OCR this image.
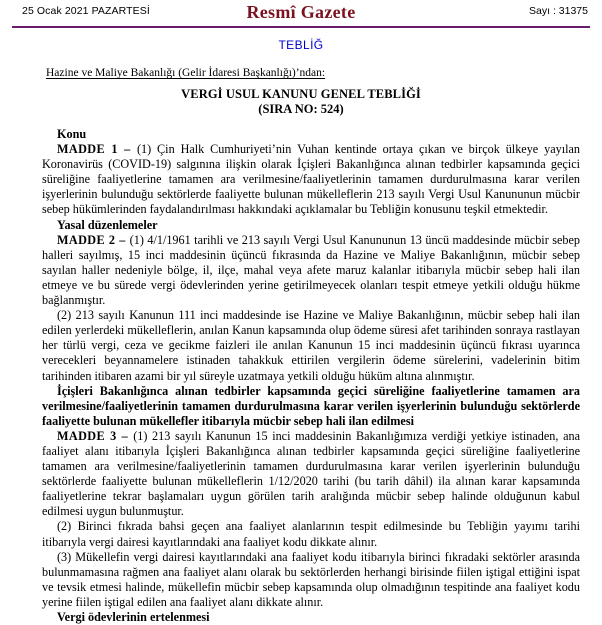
25 Ocak 2021 PAZARTESİ	Resmî Gazete	Sayı : 31375
TEBLİĞ
Hazine ve Maliye Bakanlığı (Gelir İdaresi Başkanlığı)’ndan:
VERGİ USUL KANUNU GENEL TEBLİĞİ
(SIRA NO: 524)
Konu

MADDE 1 – (1) Çin Halk Cumhuriyeti’nin Vuhan kentinde ortaya çıkan ve birçok ülkeye yayılan Koronavirüs (COVID-19) salgınına ilişkin olarak İçişleri Bakanlığınca alınan tedbirler kapsamında geçici süreliğine faaliyetlerine tamamen ara verilmesine/faaliyetlerinin tamamen durdurulmasına karar verilen işyerlerinin bulunduğu sektörlerde faaliyette bulunan mükelleflerin 213 sayılı Vergi Usul Kanununun mücbir sebep hükümlerinden faydalandırılması hakkındaki açıklamalar bu Tebliğin konusunu teşkil etmektedir.

Yasal düzenlemeler

MADDE 2 – (1) 4/1/1961 tarihli ve 213 sayılı Vergi Usul Kanununun 13 üncü maddesinde mücbir sebep halleri sayılmış, 15 inci maddesinin üçüncü fıkrasında da Hazine ve Maliye Bakanlığının, mücbir sebep sayılan haller nedeniyle bölge, il, ilçe, mahal veya afete maruz kalanlar itibarıyla mücbir sebep hali ilan etmeye ve bu sürede vergi ödevlerinden yerine getirilmeyecek olanları tespit etmeye yetkili olduğu hükme bağlanmıştır.

(2) 213 sayılı Kanunun 111 inci maddesinde ise Hazine ve Maliye Bakanlığının, mücbir sebep hali ilan edilen yerlerdeki mükelleflerin, anılan Kanun kapsamında olup ödeme süresi afet tarihinden sonraya rastlayan her türlü vergi, ceza ve gecikme faizleri ile anılan Kanunun 15 inci maddesinin üçüncü fıkrası uyarınca verecekleri beyannamelere istinaden tahakkuk ettirilen vergilerin ödeme sürelerini, vadelerinin bitim tarihinden itibaren azami bir yıl süreyle uzatmaya yetkili olduğu hüküm altına alınmıştır.

İçişleri Bakanlığınca alınan tedbirler kapsamında geçici süreliğine faaliyetlerine tamamen ara verilmesine/faaliyetlerinin tamamen durdurulmasına karar verilen işyerlerinin bulunduğu sektörlerde faaliyette bulunan mükellefler itibarıyla mücbir sebep hali ilan edilmesi

MADDE 3 – (1) 213 sayılı Kanunun 15 inci maddesinin Bakanlığımıza verdiği yetkiye istinaden, ana faaliyet alanı itibarıyla İçişleri Bakanlığınca alınan tedbirler kapsamında geçici süreliğine faaliyetlerine tamamen ara verilmesine/faaliyetlerinin tamamen durdurulmasına karar verilen işyerlerinin bulunduğu sektörlerde faaliyette bulunan mükelleflerin 1/12/2020 tarihi (bu tarih dâhil) ila alınan karar kapsamında faaliyetlerine tekrar başlamaları uygun görülen tarih aralığında mücbir sebep halinde olduğunun kabul edilmesi uygun bulunmuştur.

(2) Birinci fıkrada bahsi geçen ana faaliyet alanlarının tespit edilmesinde bu Tebliğin yayımı tarihi itibarıyla vergi dairesi kayıtlarındaki ana faaliyet kodu dikkate alınır.

(3) Mükellefin vergi dairesi kayıtlarındaki ana faaliyet kodu itibarıyla birinci fıkradaki sektörler arasında bulunmamasına rağmen ana faaliyet alanı olarak bu sektörlerden herhangi birisinde fiilen iştigal ettiğini ispat ve tevsik etmesi halinde, mükellefin mücbir sebep kapsamında olup olmadığının tespitinde ana faaliyet kodu yerine fiilen iştigal edilen ana faaliyet alanı dikkate alınır.

Vergi ödevlerinin ertelenmesi
